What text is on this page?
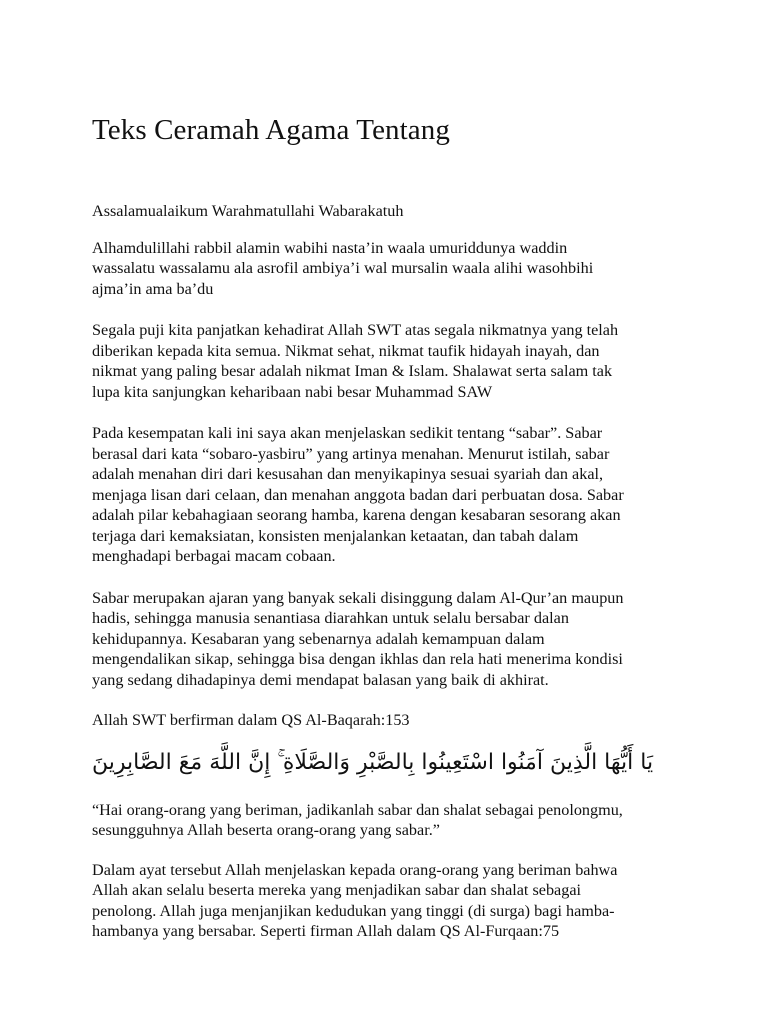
Teks Ceramah Agama Tentang

Assalamualaikum Warahmatullahi Wabarakatuh

Alhamdulillahi rabbil alamin wabihi nasta’in waala umuriddunya waddin
wassalatu wassalamu ala asrofil ambiya’i wal mursalin waala alihi wasohbihi
ajma’in ama ba’du

Segala puji kita panjatkan kehadirat Allah SWT atas segala nikmatnya yang telah
diberikan kepada kita semua. Nikmat sehat, nikmat taufik hidayah inayah, dan
nikmat yang paling besar adalah nikmat Iman & Islam. Shalawat serta salam tak
lupa kita sanjungkan keharibaan nabi besar Muhammad SAW

Pada kesempatan kali ini saya akan menjelaskan sedikit tentang “sabar”. Sabar
berasal dari kata “sobaro-yasbiru” yang artinya menahan. Menurut istilah, sabar
adalah menahan diri dari kesusahan dan menyikapinya sesuai syariah dan akal,
menjaga lisan dari celaan, dan menahan anggota badan dari perbuatan dosa. Sabar
adalah pilar kebahagiaan seorang hamba, karena dengan kesabaran sesorang akan
terjaga dari kemaksiatan, konsisten menjalankan ketaatan, dan tabah dalam
menghadapi berbagai macam cobaan.

Sabar merupakan ajaran yang banyak sekali disinggung dalam Al-Qur’an maupun
hadis, sehingga manusia senantiasa diarahkan untuk selalu bersabar dalan
kehidupannya. Kesabaran yang sebenarnya adalah kemampuan dalam
mengendalikan sikap, sehingga bisa dengan ikhlas dan rela hati menerima kondisi
yang sedang dihadapinya demi mendapat balasan yang baik di akhirat.

Allah SWT berfirman dalam QS Al-Baqarah:153

يَا أَيُّهَا الَّذِينَ آمَنُوا اسْتَعِينُوا بِالصَّبْرِ وَالصَّلَاةِ ۚ إِنَّ اللَّهَ مَعَ الصَّابِرِينَ

“Hai orang-orang yang beriman, jadikanlah sabar dan shalat sebagai penolongmu,
sesungguhnya Allah beserta orang-orang yang sabar.”

Dalam ayat tersebut Allah menjelaskan kepada orang-orang yang beriman bahwa
Allah akan selalu beserta mereka yang menjadikan sabar dan shalat sebagai
penolong. Allah juga menjanjikan kedudukan yang tinggi (di surga) bagi hamba-
hambanya yang bersabar. Seperti firman Allah dalam QS Al-Furqaan:75
